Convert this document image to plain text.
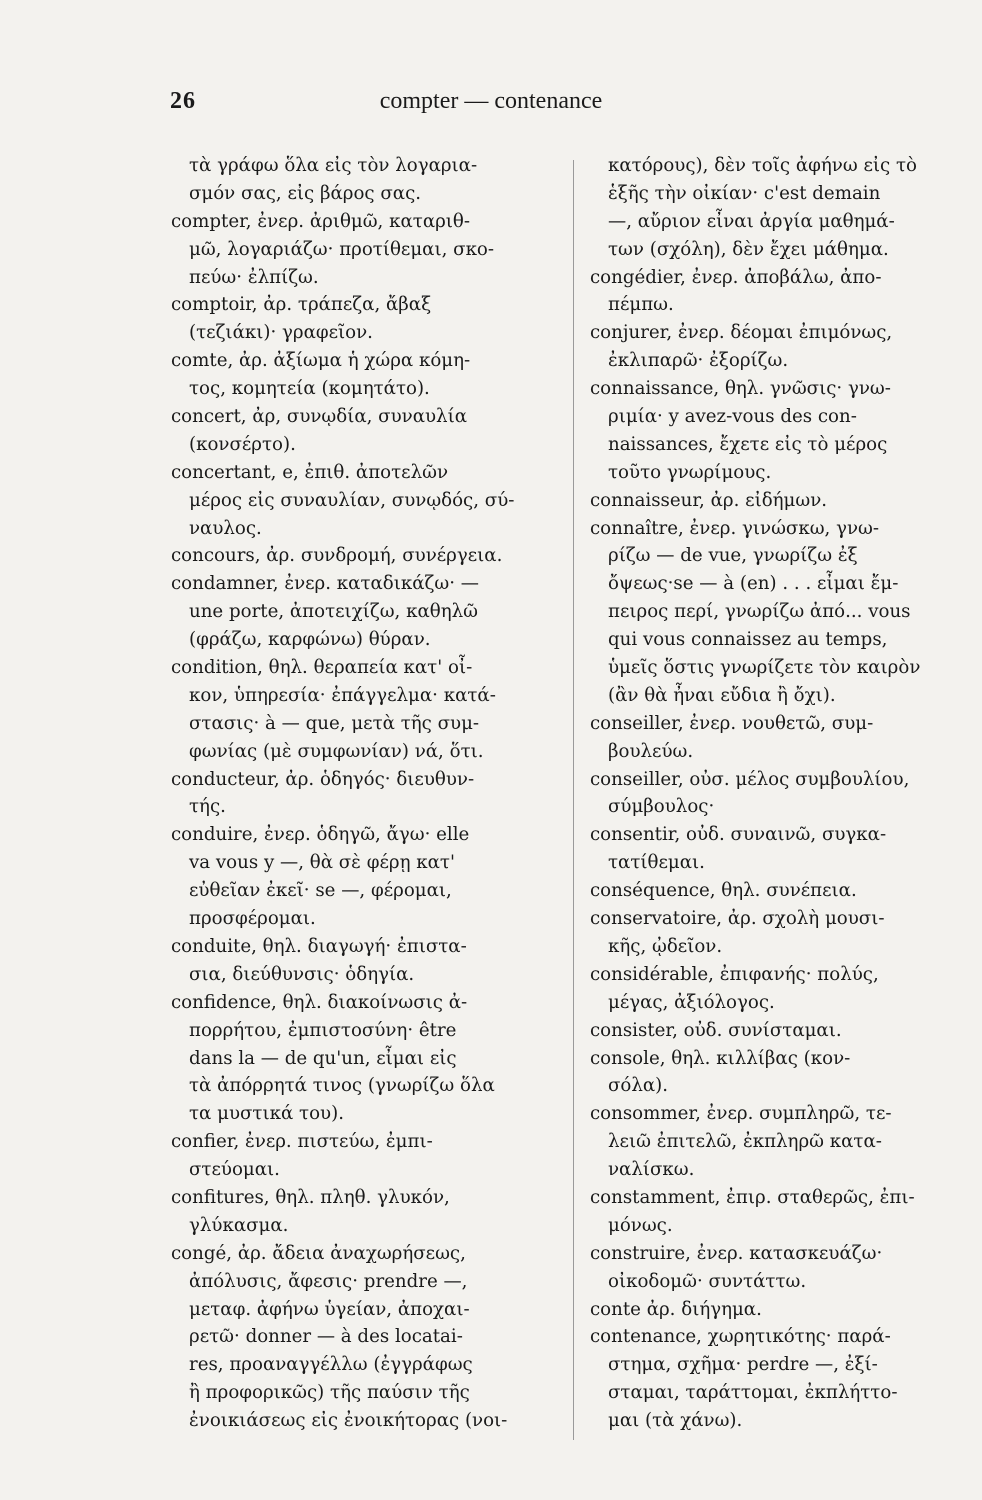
26	compter — contenance
τὰ γράφω ὅλα εἰς τὸν λογαρια-
σμόν σας, εἰς βάρος σας.
compter, ἐνερ. ἀριθμῶ, καταριθ-
μῶ, λογαριάζω· προτίθεμαι, σκο-
πεύω· ἐλπίζω.
comptoir, ἀρ. τράπεζα, ἄβαξ
(τεζιάκι)· γραφεῖον.
comte, ἀρ. ἀξίωμα ἡ χώρα κόμη-
τος, κομητεία (κομητάτο).
concert, ἀρ, συνῳδία, συναυλία
(κονσέρτο).
concertant, e, ἐπιθ. ἀποτελῶν
μέρος εἰς συναυλίαν, συνῳδός, σύ-
ναυλος.
concours, ἀρ. συνδρομή, συνέργεια.
condamner, ἐνερ. καταδικάζω· —
une porte, ἀποτειχίζω, καθηλῶ
(φράζω, καρφώνω) θύραν.
condition, θηλ. θεραπεία κατ' οἶ-
κον, ὑπηρεσία· ἐπάγγελμα· κατά-
στασις· à — que, μετὰ τῆς συμ-
φωνίας (μὲ συμφωνίαν) νά, ὅτι.
conducteur, ἀρ. ὁδηγός· διευθυν-
τής.
conduire, ἐνερ. ὁδηγῶ, ἄγω· elle
va vous y —, θὰ σὲ φέρῃ κατ'
εὐθεῖαν ἐκεῖ· se —, φέρομαι,
προσφέρομαι.
conduite, θηλ. διαγωγή· ἐπιστα-
σια, διεύθυνσις· ὁδηγία.
confidence, θηλ. διακοίνωσις ἀ-
πορρήτου, ἐμπιστοσύνη· être
dans la — de qu'un, εἶμαι εἰς
τὰ ἀπόρρητά τινος (γνωρίζω ὅλα
τα μυστικά του).
confier, ἐνερ. πιστεύω, ἐμπι-
στεύομαι.
confitures, θηλ. πληθ. γλυκόν,
γλύκασμα.
congé, ἀρ. ἄδεια ἀναχωρήσεως,
ἀπόλυσις, ἄφεσις· prendre —,
μεταφ. ἀφήνω ὑγείαν, ἀποχαι-
ρετῶ· donner — à des locatai-
res, προαναγγέλλω (ἐγγράφως
ἢ προφορικῶς) τῆς παύσιν τῆς
ἐνοικιάσεως εἰς ἐνοικήτορας (νοι-
κατόρους), δὲν τοῖς ἀφήνω εἰς τὸ
ἑξῆς τὴν οἰκίαν· c'est demain
—, αὔριον εἶναι ἀργία μαθημά-
των (σχόλη), δὲν ἔχει μάθημα.
congédier, ἐνερ. ἀποβάλω, ἀπο-
πέμπω.
conjurer, ἐνερ. δέομαι ἐπιμόνως,
ἐκλιπαρῶ· ἐξορίζω.
connaissance, θηλ. γνῶσις· γνω-
ριμία· y avez-vous des con-
naissances, ἔχετε εἰς τὸ μέρος
τοῦτο γνωρίμους.
connaisseur, ἀρ. εἰδήμων.
connaître, ἐνερ. γινώσκω, γνω-
ρίζω — de vue, γνωρίζω ἐξ
ὄψεως·se — à (en) . . . εἶμαι ἔμ-
πειρος περί, γνωρίζω ἀπό... vous
qui vous connaissez au temps,
ὑμεῖς ὅστις γνωρίζετε τὸν καιρὸν
(ἂν θὰ ἦναι εὔδια ἢ ὄχι).
conseiller, ἐνερ. νουθετῶ, συμ-
βουλεύω.
conseiller, οὐσ. μέλος συμβουλίου,
σύμβουλος·
consentir, οὐδ. συναινῶ, συγκα-
τατίθεμαι.
conséquence, θηλ. συνέπεια.
conservatoire, ἀρ. σχολὴ μουσι-
κῆς, ᾠδεῖον.
considérable, ἐπιφανής· πολύς,
μέγας, ἀξιόλογος.
consister, οὐδ. συνίσταμαι.
console, θηλ. κιλλίβας (κον-
σόλα).
consommer, ἐνερ. συμπληρῶ, τε-
λειῶ ἐπιτελῶ, ἐκπληρῶ κατα-
ναλίσκω.
constamment, ἐπιρ. σταθερῶς, ἐπι-
μόνως.
construire, ἐνερ. κατασκευάζω·
οἰκοδομῶ· συντάττω.
conte ἀρ. διήγημα.
contenance, χωρητικότης· παρά-
στημα, σχῆμα· perdre —, ἐξί-
σταμαι, ταράττομαι, ἐκπλήττο-
μαι (τὰ χάνω).
